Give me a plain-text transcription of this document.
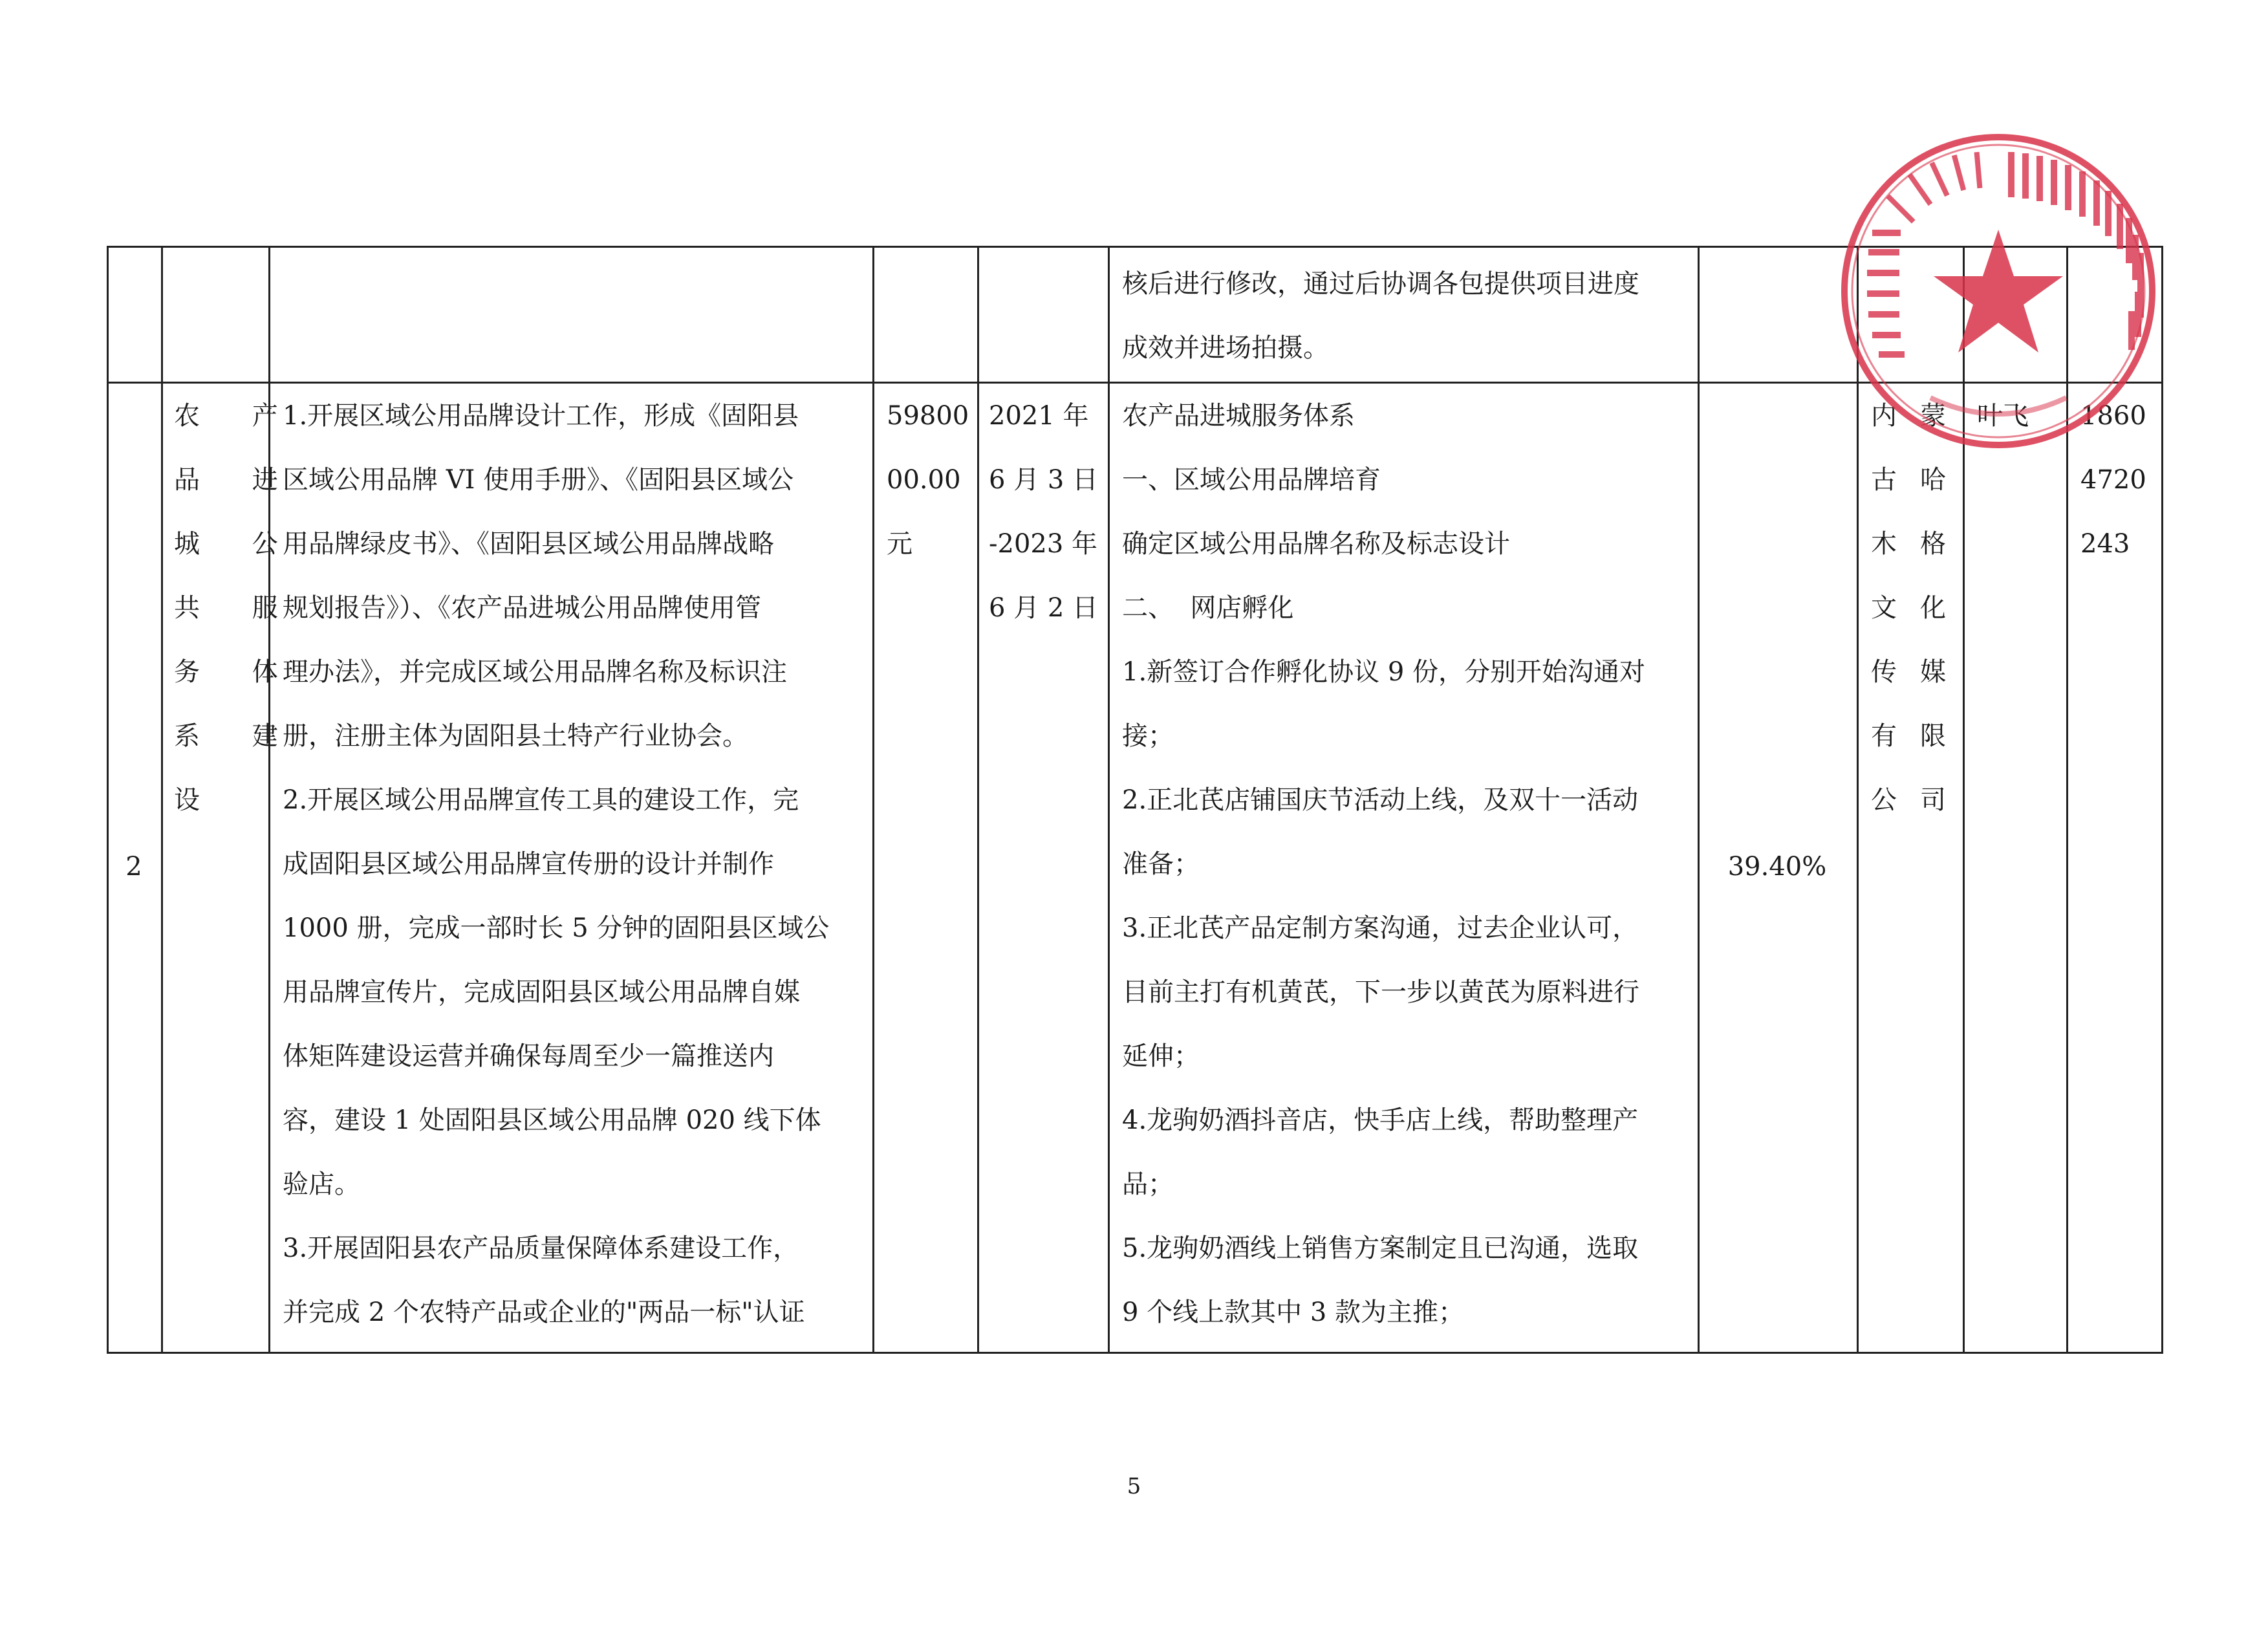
核后进行修改，通过后协调各包提供项目进度
成效并进场拍摄。
2
农 产
品 进
城 公
共 服
务 体
系 建
设
1.开展区域公用品牌设计工作，形成《固阳县
区域公用品牌 VI 使用手册》、《固阳县区域公
用品牌绿皮书》、《固阳县区域公用品牌战略
规划报告》）、《农产品进城公用品牌使用管
理办法》，并完成区域公用品牌名称及标识注
册，注册主体为固阳县土特产行业协会。
2.开展区域公用品牌宣传工具的建设工作，完
成固阳县区域公用品牌宣传册的设计并制作
1000 册，完成一部时长 5 分钟的固阳县区域公
用品牌宣传片，完成固阳县区域公用品牌自媒
体矩阵建设运营并确保每周至少一篇推送内
容，建设 1 处固阳县区域公用品牌 020 线下体
验店。
3.开展固阳县农产品质量保障体系建设工作，
并完成 2 个农特产品或企业的"两品一标"认证
59800
00.00
元
2021 年
6 月 3 日
-2023 年
6 月 2 日
农产品进城服务体系
一、区域公用品牌培育
确定区域公用品牌名称及标志设计
二、  网店孵化
1.新签订合作孵化协议 9 份，分别开始沟通对
接；
2.正北芪店铺国庆节活动上线，及双十一活动
准备；
3.正北芪产品定制方案沟通，过去企业认可，
目前主打有机黄芪，下一步以黄芪为原料进行
延伸；
4.龙驹奶酒抖音店，快手店上线，帮助整理产
品；
5.龙驹奶酒线上销售方案制定且已沟通，选取
9 个线上款其中 3 款为主推；
39.40%
内蒙
古哈
木格
文化
传媒
有限
公司
叶飞	1860
4720
243
5
